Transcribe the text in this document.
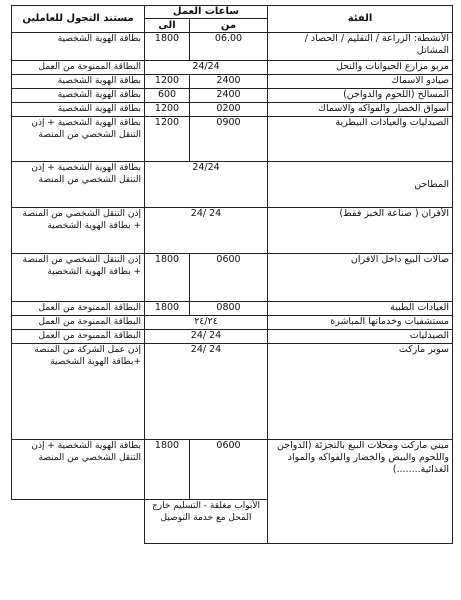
الفئة	ساعات العمل		مستند التجول للعاملين
	من	الى	
الأنشطة: الزراعة / التقليم / الحصاد / المشاتل	06.00	1800	بطاقة الهوية الشخصية
مربو مزارع الحيوانات والنحل	24/24		البطاقة الممنوحة من العمل
صيادو الاسماك	2400	1200	بطاقة الهوية الشخصية
المسالخ (اللحوم والدواجن)	2400	600	بطاقة الهوية الشخصية
أسواق الخضار والفواكه والاسماك	0200	1200	بطاقة الهوية الشخصية
الصيدليات والعيادات البيطرية	0900	1200	بطاقة الهوية الشخصية + إذن التنقل الشخصي من المنصة
المطاحن	24/24		بطاقة الهوية الشخصية + إذن التنقل الشخصي من المنصة
الأفران ( صناعة الخبز فقط)	24 /24		إذن التنقل الشخصي من المنصة + بطاقة الهوية الشخصية
صالات البيع داخل الافران	0600	1800	إذن التنقل الشخصي من المنصة + بطاقة الهوية الشخصية
العيادات الطبية	0800	1800	البطاقة الممنوحة من العمل
مستشفيات وخدماتها المباشرة	٢٤/٢٤		البطاقة الممنوحة من العمل
الصيدليات	24 /24		البطاقة الممنوحة من العمل
سوبر ماركت	24 /24		إذن عمل الشركة من المنصة +بطاقة الهوية الشخصية
ميني ماركت ومحلات البيع بالتجزئة (الدواجن واللحوم والبيض والخضار والفواكه والمواد الغذائية........)	0600	1800	بطاقة الهوية الشخصية + إذن التنقل الشخصي من المنصة
	الأبواب مغلقة - التسليم خارج المحل مع خدمة التوصيل		
